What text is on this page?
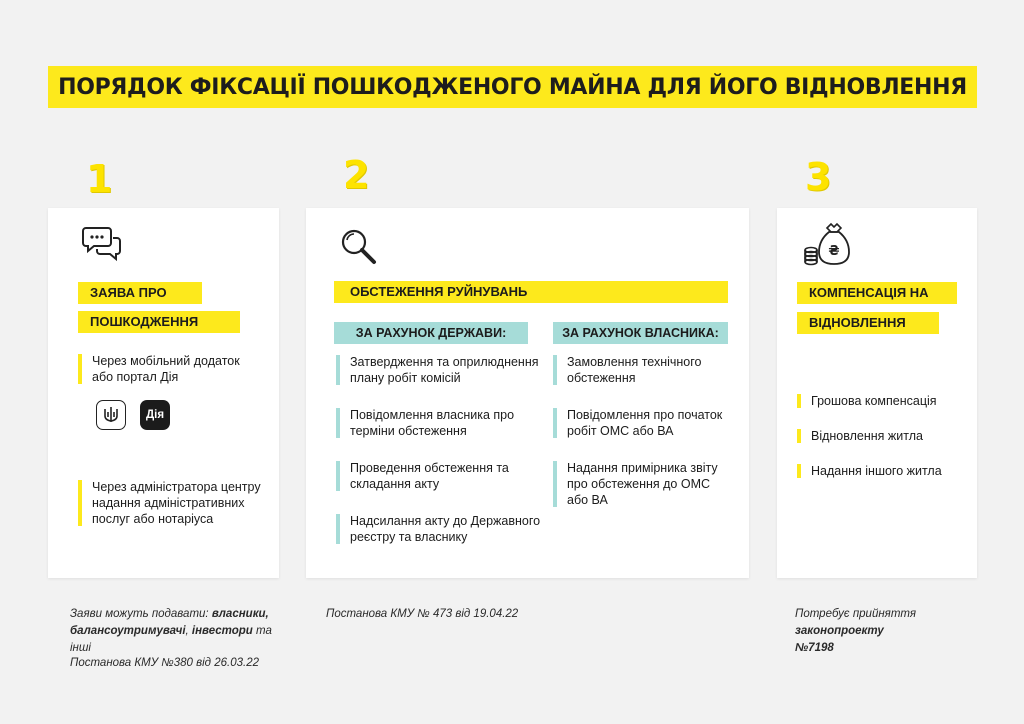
ПОРЯДОК ФІКСАЦІЇ ПОШКОДЖЕНОГО МАЙНА ДЛЯ ЙОГО ВІДНОВЛЕННЯ
1	2	3
ЗАЯВА ПРО
ПОШКОДЖЕННЯ
Через мобільний додаток
або портал Дія
Дія
Через адміністратора центру
надання адміністративних
послуг або нотаріуса
ОБСТЕЖЕННЯ РУЙНУВАНЬ
ЗА РАХУНОК ДЕРЖАВИ:	ЗА РАХУНОК ВЛАСНИКА:
Затвердження та оприлюднення
плану робіт комісій
Повідомлення власника про
терміни обстеження
Проведення обстеження та
складання акту
Надсилання акту до Державного
реєстру та власнику
Замовлення технічного
обстеження
Повідомлення про початок
робіт ОМС або ВА
Надання примірника звіту
про обстеження до ОМС
або ВА
₴
КОМПЕНСАЦІЯ НА
ВІДНОВЛЕННЯ
Грошова компенсація
Відновлення житла
Надання іншого житла
Заяви можуть подавати: власники,
балансоутримувачі, інвестори та інші
Постанова КМУ №380 від 26.03.22
Постанова КМУ № 473 від 19.04.22	Потребує прийняття законопроекту
№7198
